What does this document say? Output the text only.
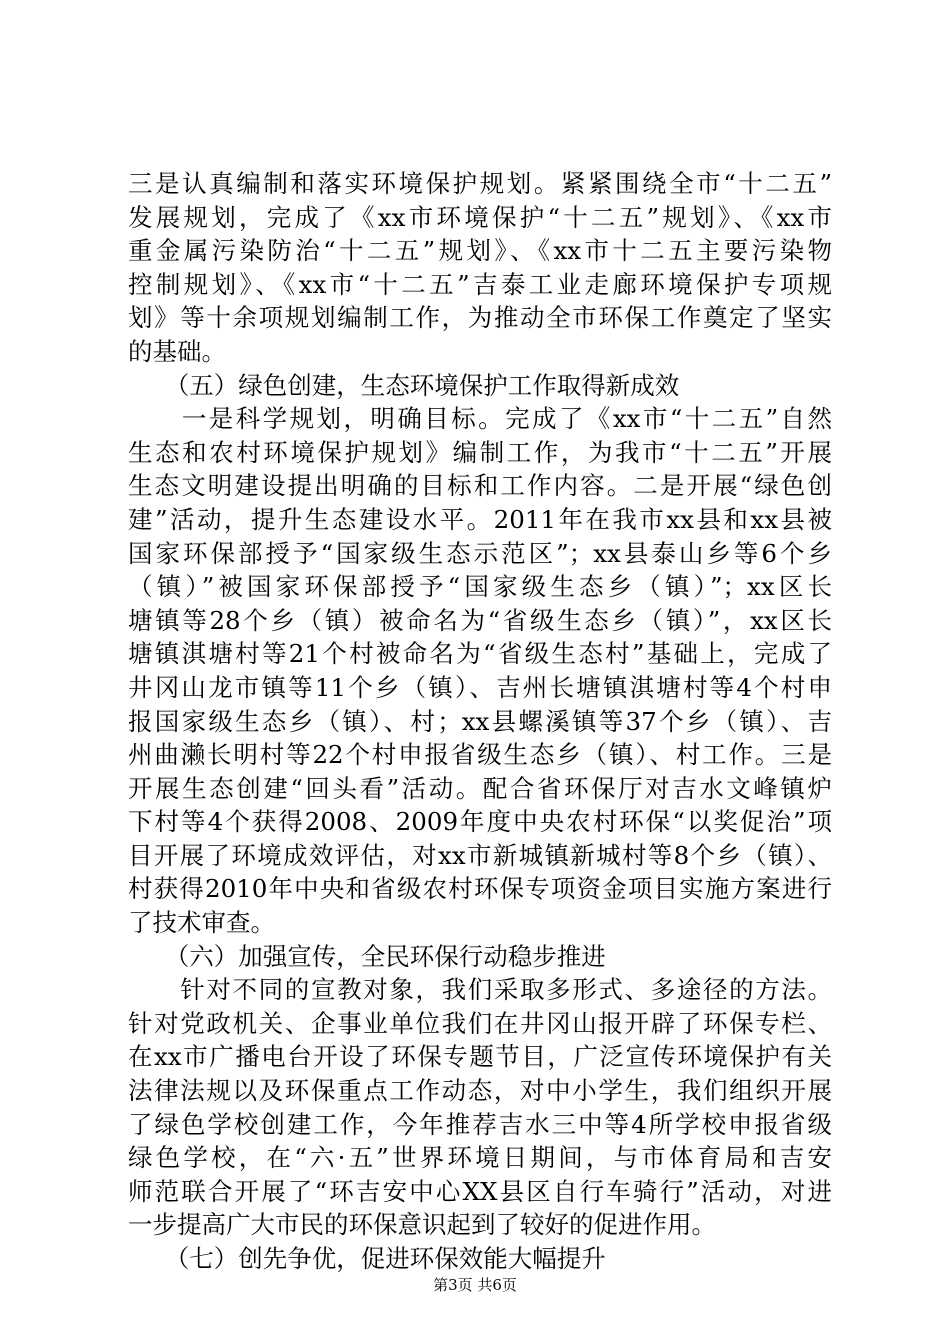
三是认真编制和落实环境保护规划。紧紧围绕全市“十二五”
发展规划，完成了《xx市环境保护“十二五”规划》、《xx市
重金属污染防治“十二五”规划》、《xx市十二五主要污染物
控制规划》、《xx市“十二五”吉泰工业走廊环境保护专项规
划》等十余项规划编制工作，为推动全市环保工作奠定了坚实
的基础。
　　（五）绿色创建，生态环境保护工作取得新成效
　　一是科学规划，明确目标。完成了《xx市“十二五”自然
生态和农村环境保护规划》编制工作，为我市“十二五”开展
生态文明建设提出明确的目标和工作内容。二是开展“绿色创
建”活动，提升生态建设水平。2011年在我市xx县和xx县被
国家环保部授予“国家级生态示范区”；xx县泰山乡等6个乡
（镇）”被国家环保部授予“国家级生态乡（镇）”；xx区长
塘镇等28个乡（镇）被命名为“省级生态乡（镇）”，xx区长
塘镇淇塘村等21个村被命名为“省级生态村”基础上，完成了
井冈山龙市镇等11个乡（镇）、吉州长塘镇淇塘村等4个村申
报国家级生态乡（镇）、村；xx县螺溪镇等37个乡（镇）、吉
州曲濑长明村等22个村申报省级生态乡（镇）、村工作。三是
开展生态创建“回头看”活动。配合省环保厅对吉水文峰镇炉
下村等4个获得2008、2009年度中央农村环保“以奖促治”项
目开展了环境成效评估，对xx市新城镇新城村等8个乡（镇）、
村获得2010年中央和省级农村环保专项资金项目实施方案进行
了技术审查。
　　（六）加强宣传，全民环保行动稳步推进
　　针对不同的宣教对象，我们采取多形式、多途径的方法。
针对党政机关、企事业单位我们在井冈山报开辟了环保专栏、
在xx市广播电台开设了环保专题节目，广泛宣传环境保护有关
法律法规以及环保重点工作动态，对中小学生，我们组织开展
了绿色学校创建工作，今年推荐吉水三中等4所学校申报省级
绿色学校，在“六·五”世界环境日期间，与市体育局和吉安
师范联合开展了“环吉安中心XX县区自行车骑行”活动，对进
一步提高广大市民的环保意识起到了较好的促进作用。
　　（七）创先争优，促进环保效能大幅提升
第3页 共6页
